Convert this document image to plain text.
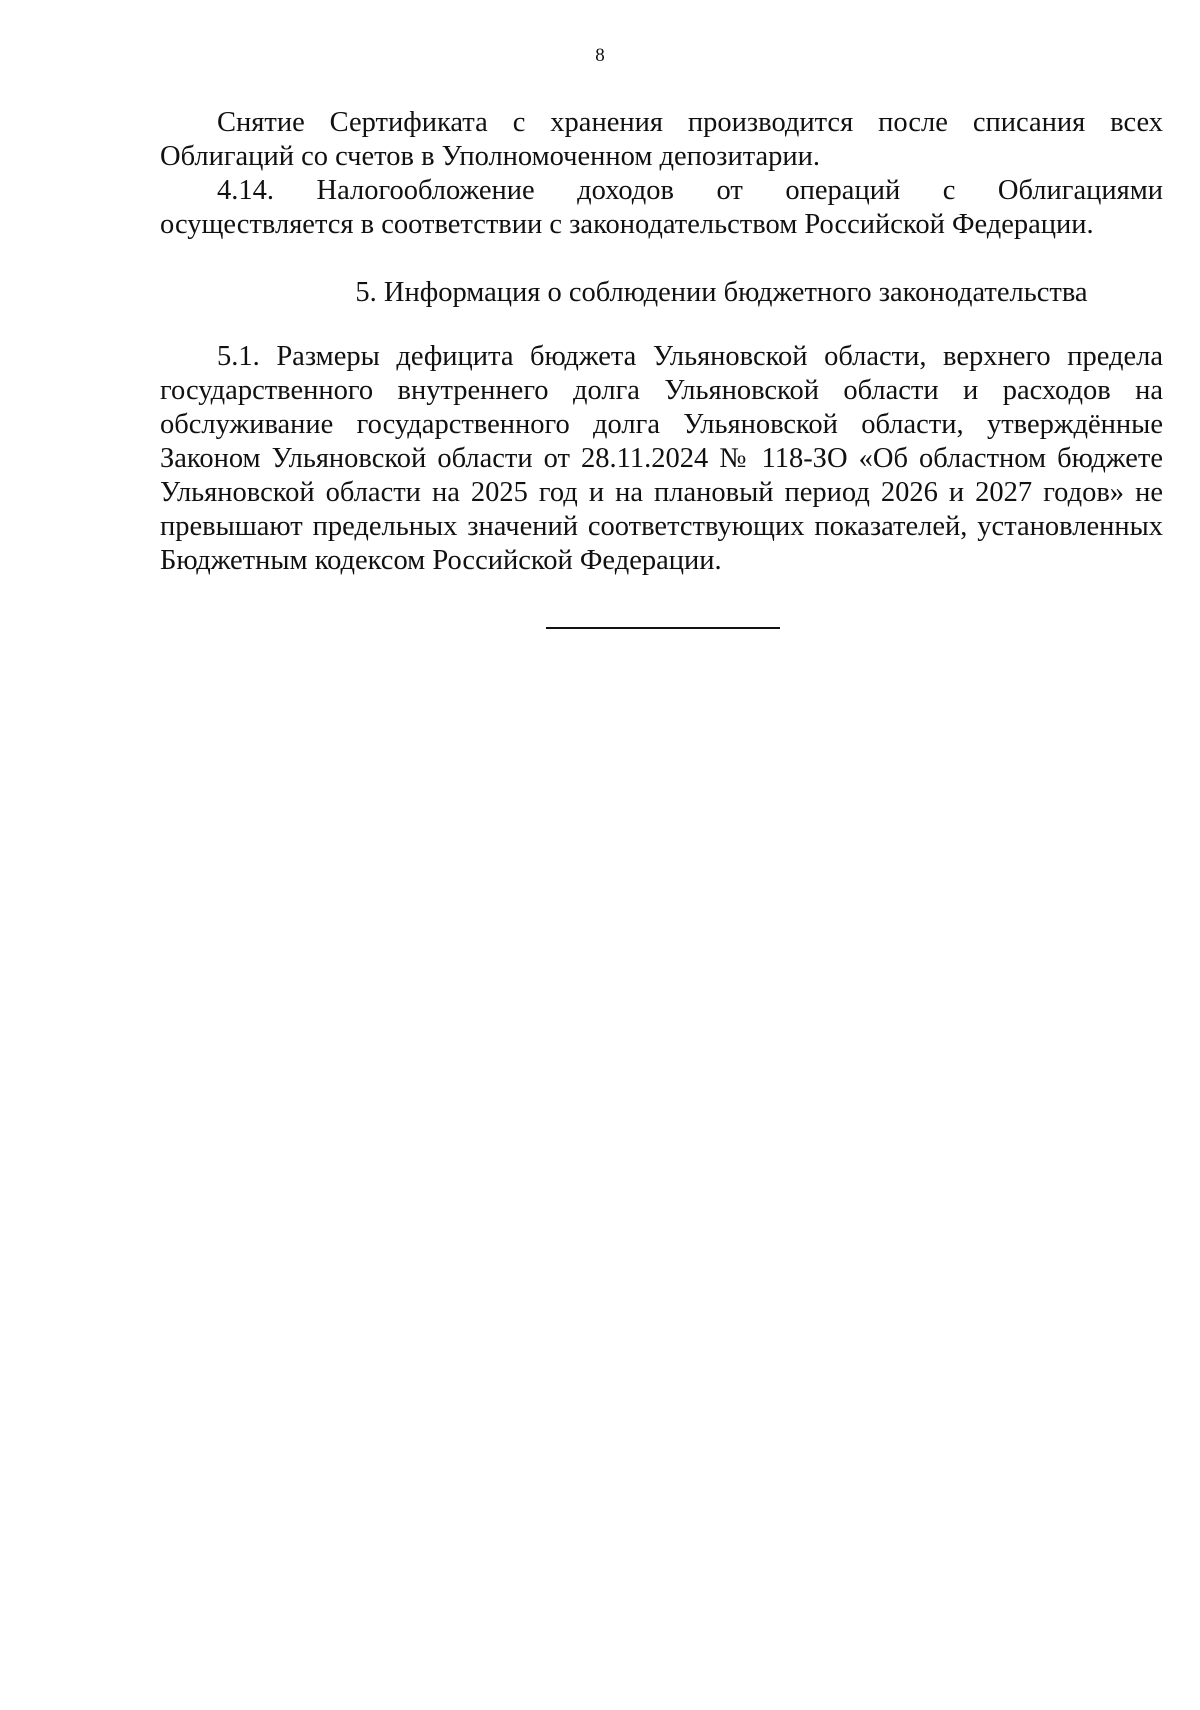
8

Снятие Сертификата с хранения производится после списания всех Облигаций со счетов в Уполномоченном депозитарии.

4.14. Налогообложение доходов от операций с Облигациями

осуществляется в соответствии с законодательством Российской Федерации.

5. Информация о соблюдении бюджетного законодательства

5.1. Размеры дефицита бюджета Ульяновской области, верхнего предела государственного внутреннего долга Ульяновской области и расходов на обслуживание государственного долга Ульяновской области, утверждённые Законом Ульяновской области от 28.11.2024 № 118-ЗО «Об областном бюджете Ульяновской области на 2025 год и на плановый период 2026 и 2027 годов» не превышают предельных значений соответствующих показателей, установленных Бюджетным кодексом Российской Федерации.
